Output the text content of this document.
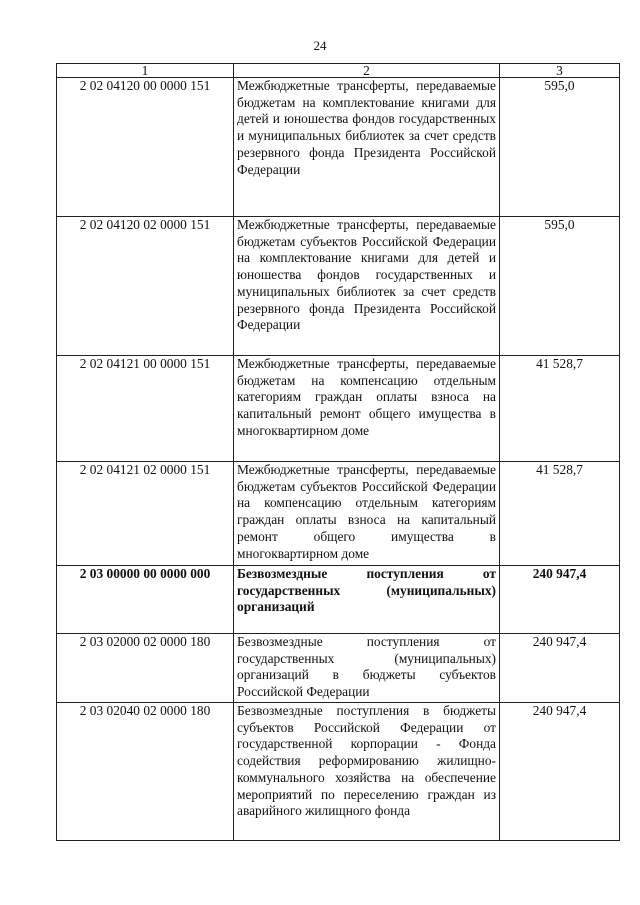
24
1	2	3
2 02 04120 00 0000 151	Межбюджетные трансферты, передаваемые бюджетам на комплектование книгами для детей и юношества фондов государственных и муниципальных библиотек за счет средств резервного фонда Президента Российской Федерации	595,0
2 02 04120 02 0000 151	Межбюджетные трансферты, передаваемые бюджетам субъектов Российской Федерации на комплектование книгами для детей и юношества фондов государственных и муниципальных библиотек за счет средств резервного фонда Президента Российской Федерации	595,0
2 02 04121 00 0000 151	Межбюджетные трансферты, передаваемые бюджетам на компенсацию отдельным категориям граждан оплаты взноса на капитальный ремонт общего имущества в многоквартирном доме	41 528,7
2 02 04121 02 0000 151	Межбюджетные трансферты, передаваемые бюджетам субъектов Российской Федерации на компенсацию отдельным категориям граждан оплаты взноса на капитальный ремонт общего имущества в многоквартирном доме	41 528,7
2 03 00000 00 0000 000	Безвозмездные поступления от государственных (муниципальных) организаций	240 947,4
2 03 02000 02 0000 180	Безвозмездные поступления от государственных (муниципальных) организаций в бюджеты субъектов Российской Федерации	240 947,4
2 03 02040 02 0000 180	Безвозмездные поступления в бюджеты субъектов Российской Федерации от государственной корпорации - Фонда содействия реформированию жилищно-коммунального хозяйства на обеспечение мероприятий по переселению граждан из аварийного жилищного фонда	240 947,4
